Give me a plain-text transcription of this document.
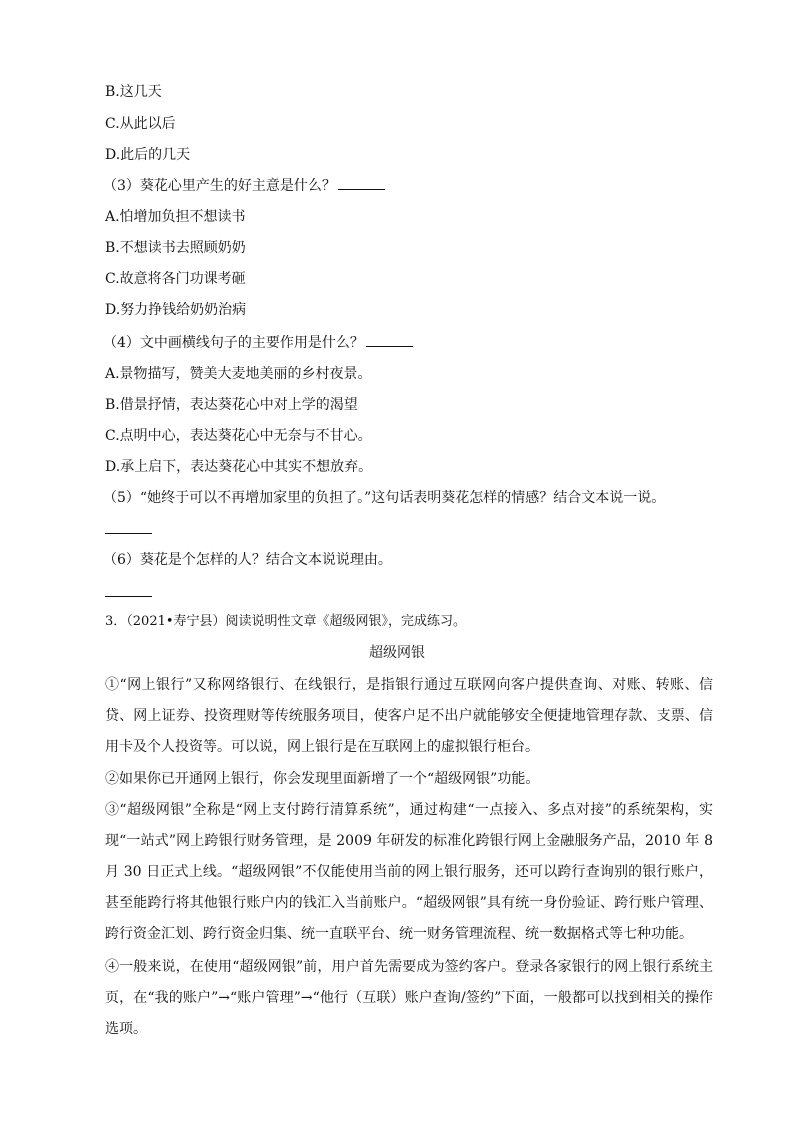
B.这几天
C.从此以后
D.此后的几天
（3）葵花心里产生的好主意是什么？
A.怕增加负担不想读书
B.不想读书去照顾奶奶
C.故意将各门功课考砸
D.努力挣钱给奶奶治病
（4）文中画横线句子的主要作用是什么？
A.景物描写，赞美大麦地美丽的乡村夜景。
B.借景抒情，表达葵花心中对上学的渴望
C.点明中心，表达葵花心中无奈与不甘心。
D.承上启下，表达葵花心中其实不想放弃。
（5）“她终于可以不再增加家里的负担了。”这句话表明葵花怎样的情感？结合文本说一说。
（6）葵花是个怎样的人？结合文本说说理由。
3．（2021•寿宁县）阅读说明性文章《超级网银》，完成练习。
超级网银
①“网上银行”又称网络银行、在线银行，是指银行通过互联网向客户提供查询、对账、转账、信贷、网上证券、投资理财等传统服务项目，使客户足不出户就能够安全便捷地管理存款、支票、信用卡及个人投资等。可以说，网上银行是在互联网上的虚拟银行柜台。
②如果你已开通网上银行，你会发现里面新增了一个“超级网银”功能。
③“超级网银”全称是“网上支付跨行清算系统”，通过构建“一点接入、多点对接”的系统架构，实现“一站式”网上跨银行财务管理，是 2009 年研发的标准化跨银行网上金融服务产品，2010 年 8 月 30 日正式上线。“超级网银”不仅能使用当前的网上银行服务，还可以跨行查询别的银行账户，甚至能跨行将其他银行账户内的钱汇入当前账户。“超级网银”具有统一身份验证、跨行账户管理、跨行资金汇划、跨行资金归集、统一直联平台、统一财务管理流程、统一数据格式等七种功能。
④一般来说，在使用“超级网银”前，用户首先需要成为签约客户。登录各家银行的网上银行系统主页，在“我的账户”→“账户管理”→“他行（互联）账户查询/签约”下面，一般都可以找到相关的操作选项。
